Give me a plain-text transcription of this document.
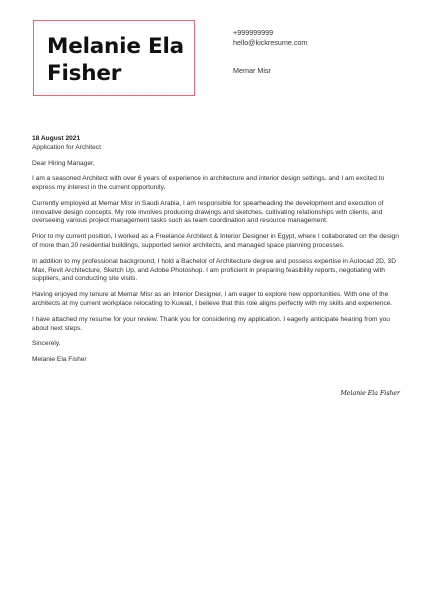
Melanie Ela
Fisher
+999999999
hello@kickresume.com
Memar Misr
18 August 2021

Application for Architect

Dear Hiring Manager,

I am a seasoned Architect with over 6 years of experience in architecture and interior design settings, and I am excited to express my interest in the current opportunity.

Currently employed at Memar Misr in Saudi Arabia, I am responsible for spearheading the development and execution of innovative design concepts. My role involves producing drawings and sketches, cultivating relationships with clients, and overseeing various project management tasks such as team coordination and resource management.

Prior to my current position, I worked as a Freelance Architect & Interior Designer in Egypt, where I collaborated on the design of more than 20 residential buildings, supported senior architects, and managed space planning processes.

In addition to my professional background, I hold a Bachelor of Architecture degree and possess expertise in Autocad 2D, 3D Max, Revit Architecture, Sketch Up, and Adobe Photoshop. I am proficient in preparing feasibility reports, negotiating with suppliers, and conducting site visits.

Having enjoyed my tenure at Memar Misr as an Interior Designer, I am eager to explore new opportunities. With one of the architects at my current workplace relocating to Kuwait, I believe that this role aligns perfectly with my skills and experience.

I have attached my resume for your review. Thank you for considering my application. I eagerly anticipate hearing from you about next steps.

Sincerely,

Melanie Ela Fisher

Melanie Ela Fisher
